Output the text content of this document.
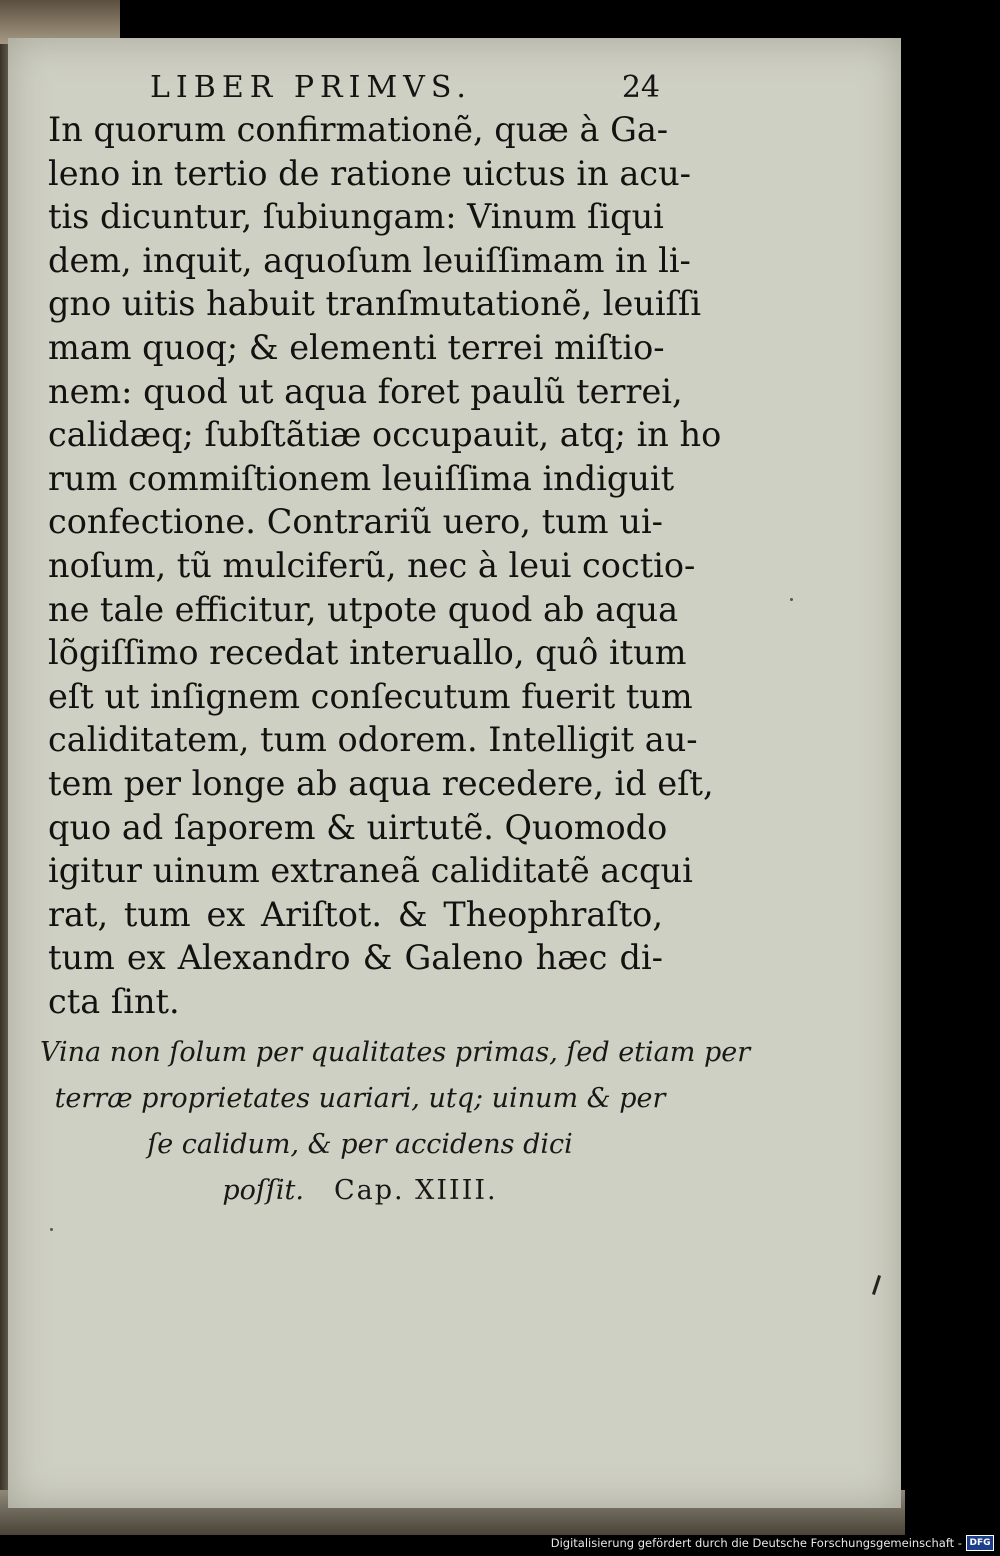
LIBER PRIMVS.	24
In quorum confirmationẽ, quæ à Ga-
leno in tertio de ratione uictus in acu-
tis dicuntur, ſubiungam: Vinum ſiqui
dem, inquit, aquoſum leuiſſimam in li-
gno uitis habuit tranſmutationẽ, leuiſſi
mam quoq; & elementi terrei miſtio-
nem: quod ut aqua foret paulũ terrei,
calidæq; ſubſtãtiæ occupauit, atq; in ho
rum commiſtionem leuiſſima indiguit
confectione. Contrariũ uero, tum ui-
noſum, tũ mulciferũ, nec à leui coctio-
ne tale efficitur, utpote quod ab aqua
lõgiſſimo recedat interuallo, quô itum
eſt ut inſignem conſecutum fuerit tum
caliditatem, tum odorem. Intelligit au-
tem per longe ab aqua recedere, id eſt,
quo ad ſaporem & uirtutẽ. Quomodo
igitur uinum extraneã caliditatẽ acqui
rat, tum ex Ariſtot. & Theophraſto,
tum ex Alexandro & Galeno hæc di-
cta ſint.
Vina non ſolum per qualitates primas, ſed etiam per
terræ proprietates uariari, utq; uinum & per
ſe calidum, & per accidens dici
poſſit. Cap. XIIII.
Digitalisierung gefördert durch die Deutsche Forschungsgemeinschaft - DFG
